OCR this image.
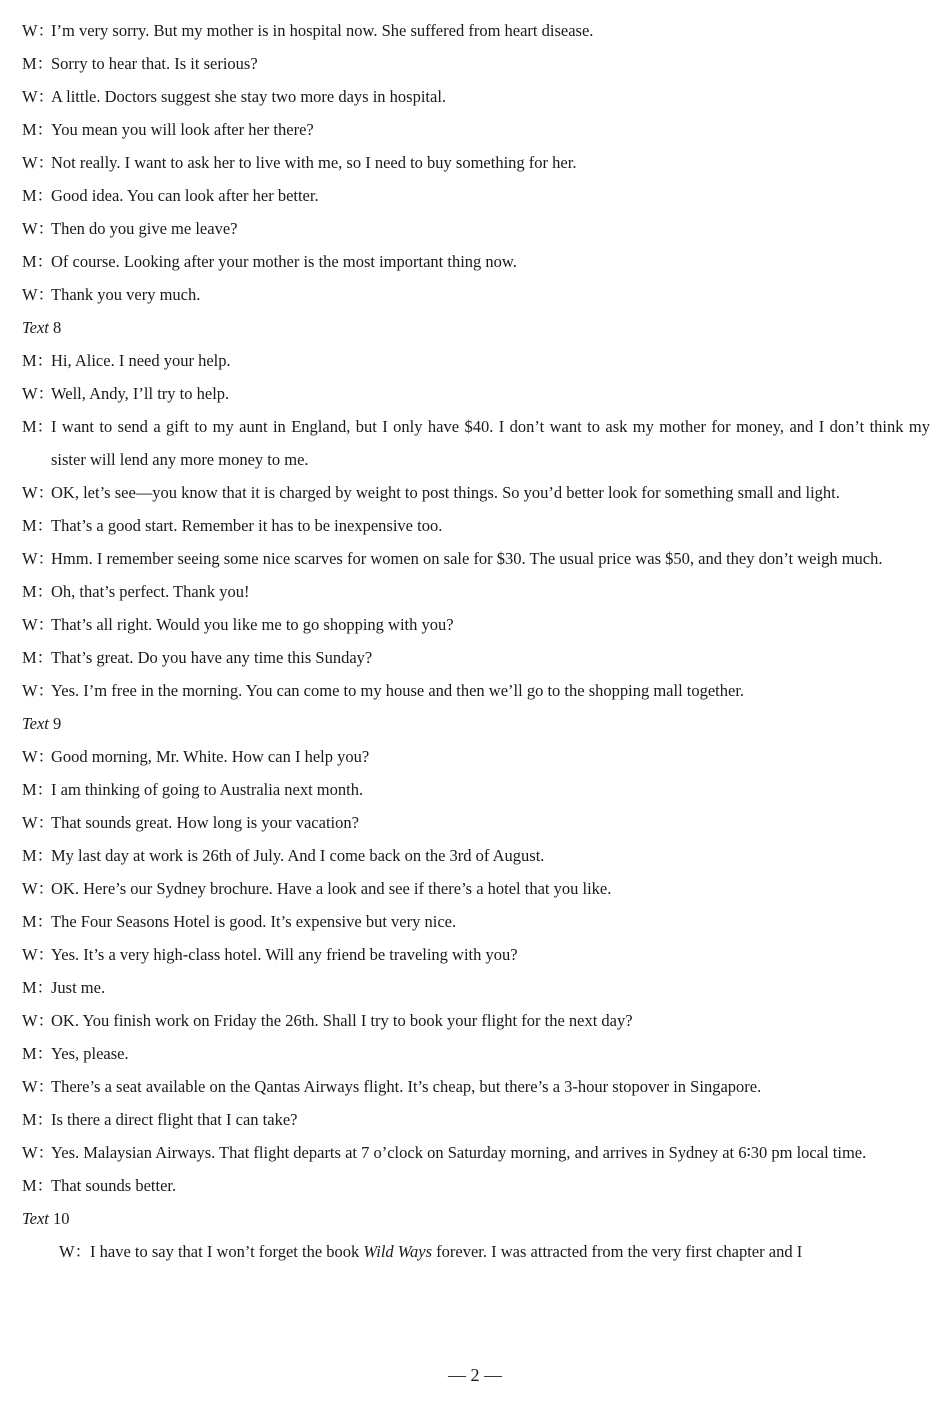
W：
I’m very sorry. But my mother is in hospital now. She suffered from heart disease.
M：
Sorry to hear that. Is it serious?
W：
A little. Doctors suggest she stay two more days in hospital.
M：
You mean you will look after her there?
W：
Not really. I want to ask her to live with me, so I need to buy something for her.
M：
Good idea. You can look after her better.
W：
Then do you give me leave?
M：
Of course. Looking after your mother is the most important thing now.
W：
Thank you very much.
Text 8
M：
Hi, Alice. I need your help.
W：
Well, Andy, I’ll try to help.
M：
I want to send a gift to my aunt in England, but I only have $40. I don’t want to ask my mother for money, and I don’t think my sister will lend any more money to me.
W：
OK, let’s see—you know that it is charged by weight to post things. So you’d better look for something small and light.
M：
That’s a good start. Remember it has to be inexpensive too.
W：
Hmm. I remember seeing some nice scarves for women on sale for $30. The usual price was $50, and they don’t weigh much.
M：
Oh, that’s perfect. Thank you!
W：
That’s all right. Would you like me to go shopping with you?
M：
That’s great. Do you have any time this Sunday?
W：
Yes. I’m free in the morning. You can come to my house and then we’ll go to the shopping mall together.
Text 9
W：
Good morning, Mr. White. How can I help you?
M：
I am thinking of going to Australia next month.
W：
That sounds great. How long is your vacation?
M：
My last day at work is 26th of July. And I come back on the 3rd of August.
W：
OK. Here’s our Sydney brochure. Have a look and see if there’s a hotel that you like.
M：
The Four Seasons Hotel is good. It’s expensive but very nice.
W：
Yes. It’s a very high-class hotel. Will any friend be traveling with you?
M：
Just me.
W：
OK. You finish work on Friday the 26th. Shall I try to book your flight for the next day?
M：
Yes, please.
W：
There’s a seat available on the Qantas Airways flight. It’s cheap, but there’s a 3-hour stopover in Singapore.
M：
Is there a direct flight that I can take?
W：
Yes. Malaysian Airways. That flight departs at 7 o’clock on Saturday morning, and arrives in Sydney at 6∶30 pm local time.
M：
That sounds better.
Text 10
W：
I have to say that I won’t forget the book Wild Ways forever. I was attracted from the very first chapter and I
— 2 —
